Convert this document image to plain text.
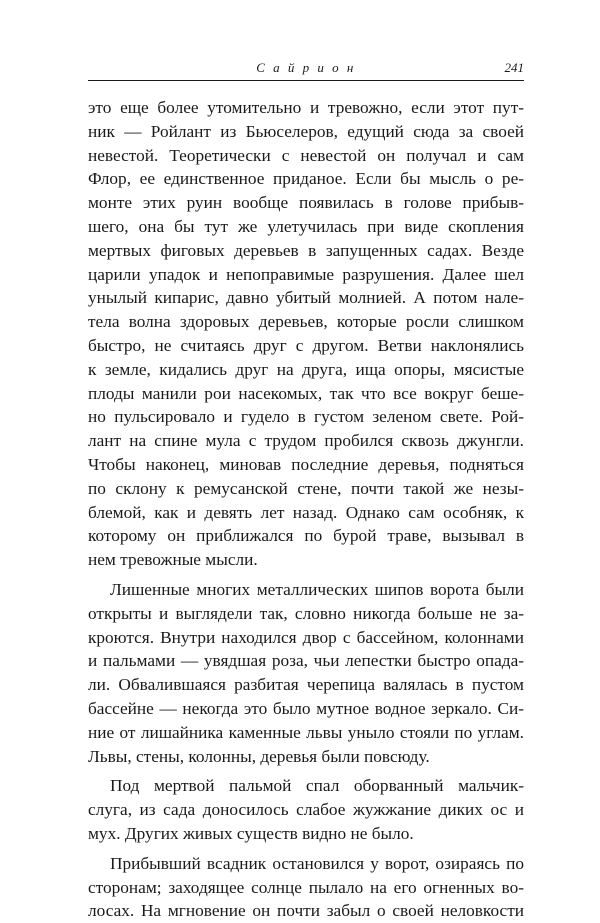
С а й р и о н	241
это еще более утомительно и тревожно, если этот пут-
ник — Ройлант из Бьюселеров, едущий сюда за своей
невестой. Теоретически с невестой он получал и сам
Флор, ее единственное приданое. Если бы мысль о ре-
монте этих руин вообще появилась в голове прибыв-
шего, она бы тут же улетучилась при виде скопления
мертвых фиговых деревьев в запущенных садах. Везде
царили упадок и непоправимые разрушения. Далее шел
унылый кипарис, давно убитый молнией. А потом нале-
тела волна здоровых деревьев, которые росли слишком
быстро, не считаясь друг с другом. Ветви наклонялись
к земле, кидались друг на друга, ища опоры, мясистые
плоды манили рои насекомых, так что все вокруг беше-
но пульсировало и гудело в густом зеленом свете. Рой-
лант на спине мула с трудом пробился сквозь джунгли.
Чтобы наконец, миновав последние деревья, подняться
по склону к ремусанской стене, почти такой же незы-
блемой, как и девять лет назад. Однако сам особняк, к
которому он приближался по бурой траве, вызывал в
нем тревожные мысли.
Лишенные многих металлических шипов ворота были
открыты и выглядели так, словно никогда больше не за-
кроются. Внутри находился двор с бассейном, колоннами
и пальмами — увядшая роза, чьи лепестки быстро опада-
ли. Обвалившаяся разбитая черепица валялась в пустом
бассейне — некогда это было мутное водное зеркало. Си-
ние от лишайника каменные львы уныло стояли по углам.
Львы, стены, колонны, деревья были повсюду.
Под мертвой пальмой спал оборванный мальчик-
слуга, из сада доносилось слабое жужжание диких ос и
мух. Других живых существ видно не было.
Прибывший всадник остановился у ворот, озираясь по
сторонам; заходящее солнце пылало на его огненных во-
лосах. На мгновение он почти забыл о своей неловкости
